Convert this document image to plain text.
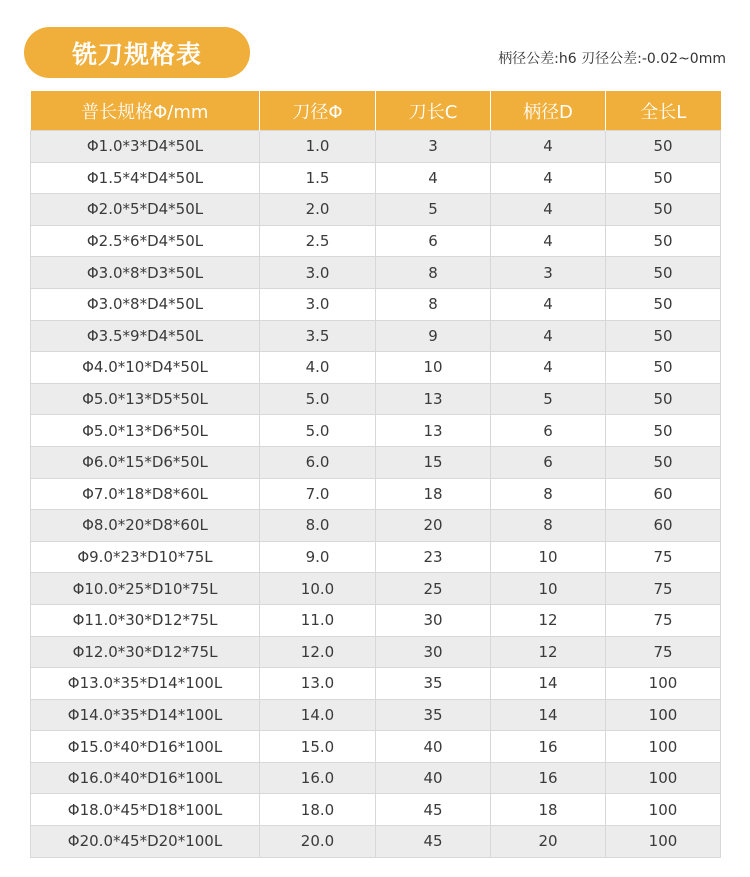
铣刀规格表	柄径公差:h6 刃径公差:-0.02~0mm
普长规格Φ/mm	刀径Φ	刀长C	柄径D	全长L
Φ1.0*3*D4*50L	1.0	3	4	50
Φ1.5*4*D4*50L	1.5	4	4	50
Φ2.0*5*D4*50L	2.0	5	4	50
Φ2.5*6*D4*50L	2.5	6	4	50
Φ3.0*8*D3*50L	3.0	8	3	50
Φ3.0*8*D4*50L	3.0	8	4	50
Φ3.5*9*D4*50L	3.5	9	4	50
Φ4.0*10*D4*50L	4.0	10	4	50
Φ5.0*13*D5*50L	5.0	13	5	50
Φ5.0*13*D6*50L	5.0	13	6	50
Φ6.0*15*D6*50L	6.0	15	6	50
Φ7.0*18*D8*60L	7.0	18	8	60
Φ8.0*20*D8*60L	8.0	20	8	60
Φ9.0*23*D10*75L	9.0	23	10	75
Φ10.0*25*D10*75L	10.0	25	10	75
Φ11.0*30*D12*75L	11.0	30	12	75
Φ12.0*30*D12*75L	12.0	30	12	75
Φ13.0*35*D14*100L	13.0	35	14	100
Φ14.0*35*D14*100L	14.0	35	14	100
Φ15.0*40*D16*100L	15.0	40	16	100
Φ16.0*40*D16*100L	16.0	40	16	100
Φ18.0*45*D18*100L	18.0	45	18	100
Φ20.0*45*D20*100L	20.0	45	20	100
